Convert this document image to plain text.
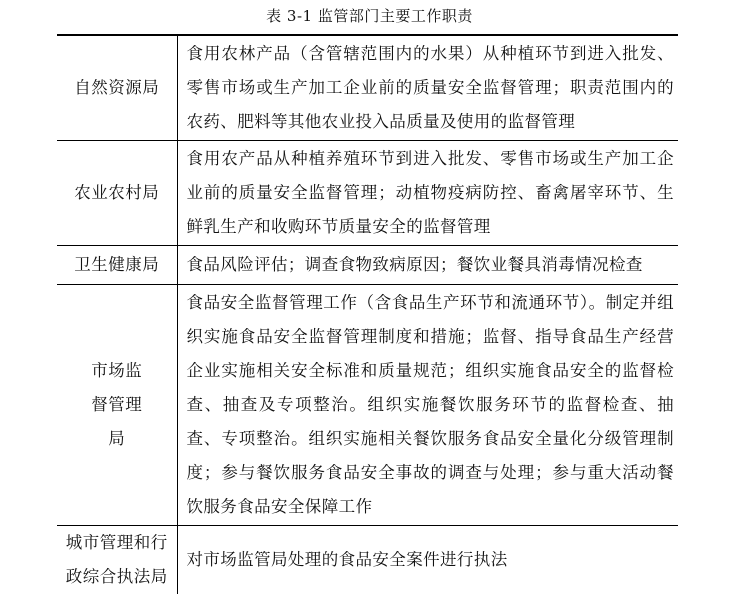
表 3-1 监管部门主要工作职责
自然资源局	食用农林产品（含管辖范围内的水果）从种植环节到进入批发、零售市场或生产加工企业前的质量安全监督管理；职责范围内的农药、肥料等其他农业投入品质量及使用的监督管理
农业农村局	食用农产品从种植养殖环节到进入批发、零售市场或生产加工企业前的质量安全监督管理；动植物疫病防控、畜禽屠宰环节、生鲜乳生产和收购环节质量安全的监督管理
卫生健康局	食品风险评估；调查食物致病原因；餐饮业餐具消毒情况检查
市场监督管理局	食品安全监督管理工作（含食品生产环节和流通环节）。制定并组织实施食品安全监督管理制度和措施；监督、指导食品生产经营企业实施相关安全标准和质量规范；组织实施食品安全的监督检查、抽查及专项整治。组织实施餐饮服务环节的监督检查、抽查、专项整治。组织实施相关餐饮服务食品安全量化分级管理制度；参与餐饮服务食品安全事故的调查与处理；参与重大活动餐饮服务食品安全保障工作
城市管理和行政综合执法局	对市场监管局处理的食品安全案件进行执法
